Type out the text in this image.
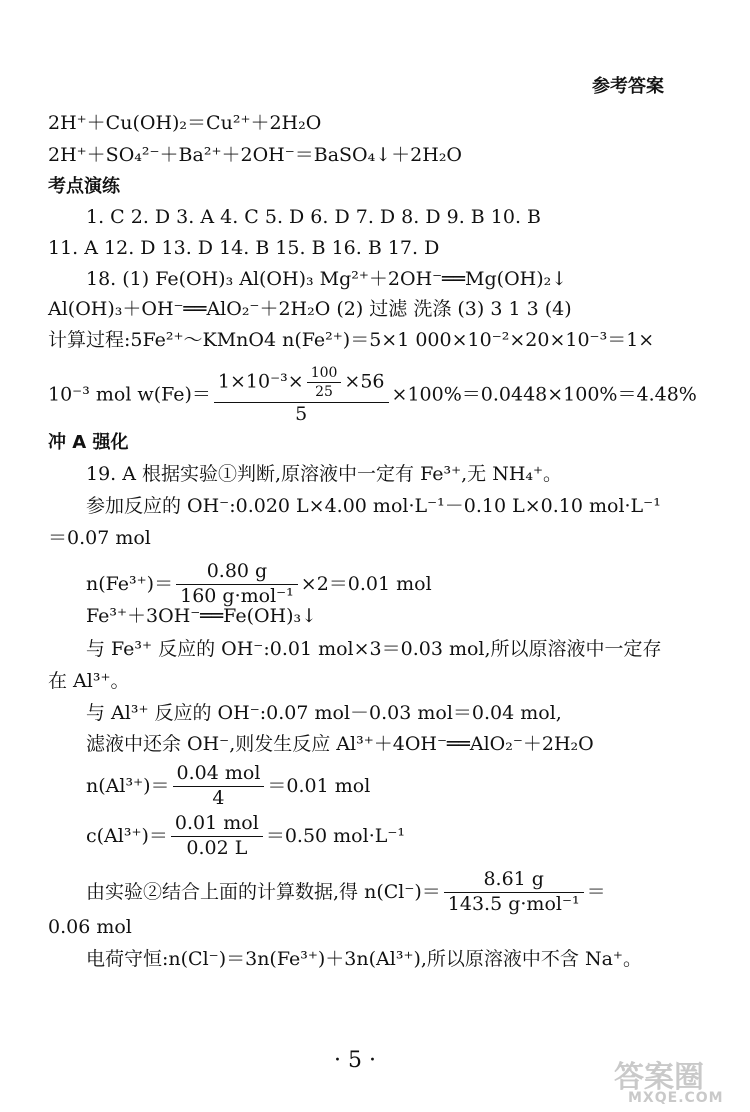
参考答案
2H⁺＋Cu(OH)₂＝Cu²⁺＋2H₂O
2H⁺＋SO₄²⁻＋Ba²⁺＋2OH⁻＝BaSO₄↓＋2H₂O
考点演练
1. C 2. D 3. A 4. C 5. D 6. D 7. D 8. D 9. B 10. B
11. A 12. D 13. D 14. B 15. B 16. B 17. D
18. (1) Fe(OH)₃ Al(OH)₃ Mg²⁺＋2OH⁻══Mg(OH)₂↓
Al(OH)₃＋OH⁻══AlO₂⁻＋2H₂O (2) 过滤 洗涤 (3) 3 1 3 (4)
计算过程:5Fe²⁺～KMnO4 n(Fe²⁺)＝5×1 000×10⁻²×20×10⁻³＝1×
10⁻³ mol $w(Fe)= \frac{1\times 10^{-3}\times \frac{100}{25} \times 56}{5} \times 100\%=0.0448\times 100\%=4.48\%$
冲 A 强化
19. A 根据实验①判断,原溶液中一定有 Fe³⁺,无 NH₄⁺。
参加反应的 OH⁻:0.020 L×4.00 mol·L⁻¹－0.10 L×0.10 mol·L⁻¹
＝0.07 mol
$n(Fe^{3+})= \frac{0.80 g}{\text{160 g·mol⁻¹}} \times 2=0.01$ mol
Fe³⁺＋3OH⁻══Fe(OH)₃↓
与 Fe³⁺ 反应的 OH⁻:0.01 mol×3＝0.03 mol,所以原溶液中一定存
在 Al³⁺。
与 Al³⁺ 反应的 OH⁻:0.07 mol－0.03 mol＝0.04 mol,
滤液中还余 OH⁻,则发生反应 Al³⁺＋4OH⁻══AlO₂⁻＋2H₂O
$n(Al^{3+})= \frac{\text{0.04 mol}}{4} =0.01$ mol
$c(Al^{3+})= \frac{\text{0.01 mol}}{0.02 L} =0.50$ mol·L⁻¹
由实验②结合上面的计算数据,得 $n(Cl^-)= \frac{8.61 g}{\text{143.5 g·mol⁻¹}}$ ＝
0.06 mol
电荷守恒:n(Cl⁻)＝3n(Fe³⁺)＋3n(Al³⁺),所以原溶液中不含 Na⁺。
· 5 ·	答案圈
MXQE.COM
